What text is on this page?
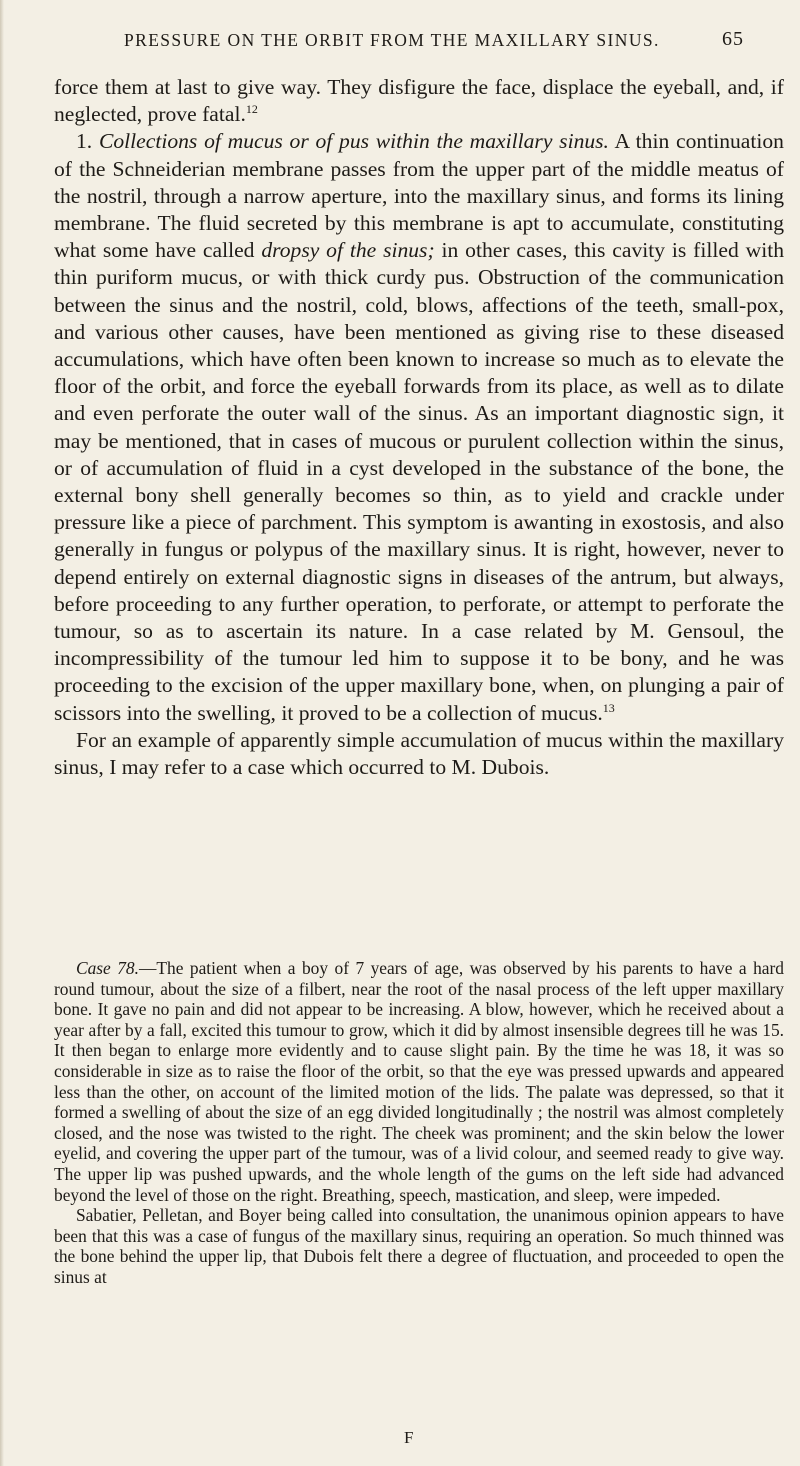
PRESSURE ON THE ORBIT FROM THE MAXILLARY SINUS.	65

force them at last to give way. They disfigure the face, displace the eyeball, and, if neglected, prove fatal.$^{12}$

1. Collections of mucus or of pus within the maxillary sinus. A thin continuation of the Schneiderian membrane passes from the upper part of the middle meatus of the nostril, through a narrow aperture, into the maxillary sinus, and forms its lining membrane. The fluid secreted by this membrane is apt to accumulate, constituting what some have called dropsy of the sinus; in other cases, this cavity is filled with thin puriform mucus, or with thick curdy pus. Obstruction of the communication between the sinus and the nostril, cold, blows, affections of the teeth, small-pox, and various other causes, have been mentioned as giving rise to these diseased accumulations, which have often been known to increase so much as to elevate the floor of the orbit, and force the eyeball forwards from its place, as well as to dilate and even perforate the outer wall of the sinus. As an important diagnostic sign, it may be mentioned, that in cases of mucous or purulent collection within the sinus, or of accumulation of fluid in a cyst developed in the substance of the bone, the external bony shell generally becomes so thin, as to yield and crackle under pressure like a piece of parchment. This symptom is awanting in exostosis, and also generally in fungus or polypus of the maxillary sinus. It is right, however, never to depend entirely on external diagnostic signs in diseases of the antrum, but always, before proceeding to any further operation, to perforate, or attempt to perforate the tumour, so as to ascertain its nature. In a case related by M. Gensoul, the incompressibility of the tumour led him to suppose it to be bony, and he was proceeding to the excision of the upper maxillary bone, when, on plunging a pair of scissors into the swelling, it proved to be a collection of mucus.$^{13}$

For an example of apparently simple accumulation of mucus within the maxillary sinus, I may refer to a case which occurred to M. Dubois.

Case 78.—The patient when a boy of 7 years of age, was observed by his parents to have a hard round tumour, about the size of a filbert, near the root of the nasal process of the left upper maxillary bone. It gave no pain and did not appear to be increasing. A blow, however, which he received about a year after by a fall, excited this tumour to grow, which it did by almost insensible degrees till he was 15. It then began to enlarge more evidently and to cause slight pain. By the time he was 18, it was so considerable in size as to raise the floor of the orbit, so that the eye was pressed upwards and appeared less than the other, on account of the limited motion of the lids. The palate was depressed, so that it formed a swelling of about the size of an egg divided longitudinally ; the nostril was almost completely closed, and the nose was twisted to the right. The cheek was prominent; and the skin below the lower eyelid, and covering the upper part of the tumour, was of a livid colour, and seemed ready to give way. The upper lip was pushed upwards, and the whole length of the gums on the left side had advanced beyond the level of those on the right. Breathing, speech, mastication, and sleep, were impeded.

Sabatier, Pelletan, and Boyer being called into consultation, the unanimous opinion appears to have been that this was a case of fungus of the maxillary sinus, requiring an operation. So much thinned was the bone behind the upper lip, that Dubois felt there a degree of fluctuation, and proceeded to open the sinus at

F
